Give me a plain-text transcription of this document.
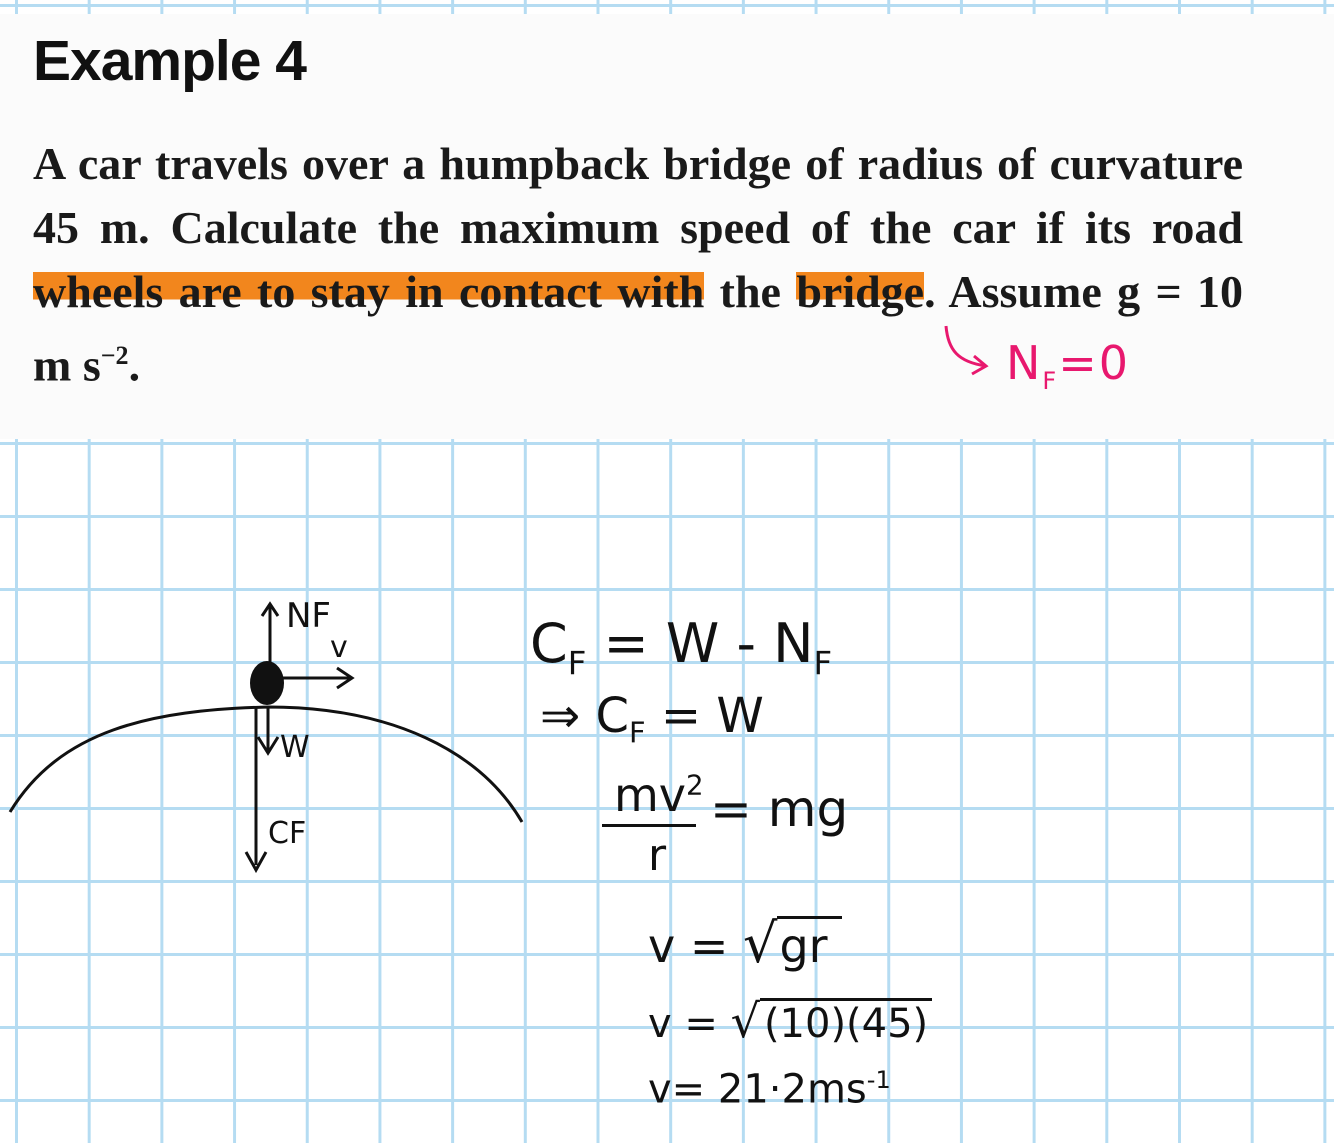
Example 4

A car travels over a humpback bridge of radius of curvature 45 m. Calculate the maximum speed of the car if its road wheels are to stay in contact with the bridge. Assume g = 10 m $s^{-2}$.	$N_F=0$
NF
v
W
CF
$C_F = W - N_F$
⇒ $C_F = W$
$mv^2$
r
= mg
v = √gr
v = √ (10)(45)
$v= 21\cdot 2ms^{-1}$
